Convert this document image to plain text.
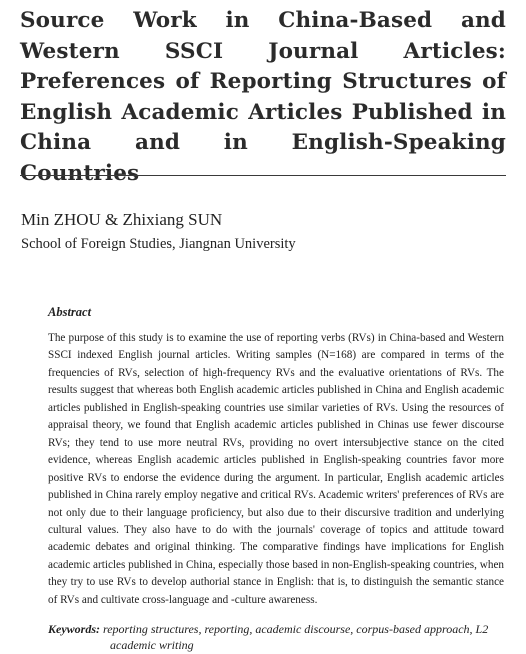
Source Work in China-Based and Western SSCI Journal Articles: Preferences of Reporting Structures of English Academic Articles Published in China and in English-Speaking Countries
Min ZHOU & Zhixiang SUN
School of Foreign Studies, Jiangnan University
Abstract
The purpose of this study is to examine the use of reporting verbs (RVs) in China-based and Western SSCI indexed English journal articles. Writing samples (N=168) are compared in terms of the frequencies of RVs, selection of high-frequency RVs and the evaluative orientations of RVs. The results suggest that whereas both English academic articles published in China and English academic articles published in English-speaking countries use similar varieties of RVs. Using the resources of appraisal theory, we found that English academic articles published in Chinas use fewer discourse RVs; they tend to use more neutral RVs, providing no overt intersubjective stance on the cited evidence, whereas English academic articles published in English-speaking countries favor more positive RVs to endorse the evidence during the argument. In particular, English academic articles published in China rarely employ negative and critical RVs. Academic writers' preferences of RVs are not only due to their language proficiency, but also due to their discursive tradition and underlying cultural values. They also have to do with the journals' coverage of topics and attitude toward academic debates and original thinking. The comparative findings have implications for English academic articles published in China, especially those based in non-English-speaking countries, when they try to use RVs to develop authorial stance in English: that is, to distinguish the semantic stance of RVs and cultivate cross-language and -culture awareness.
Keywords: reporting structures, reporting, academic discourse, corpus-based approach, L2
academic writing
